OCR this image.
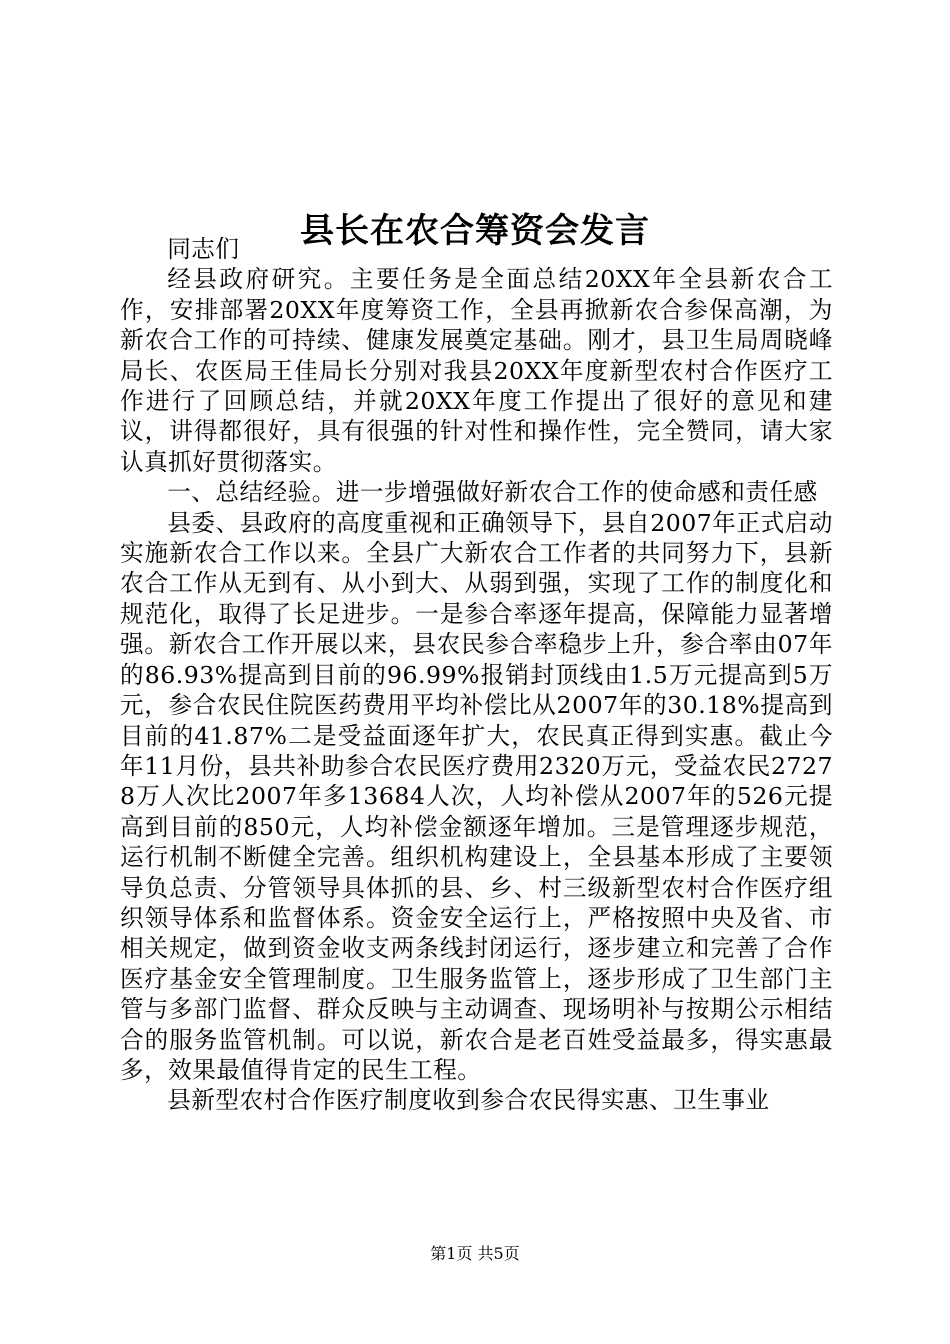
县长在农合筹资会发言

同志们

经县政府研究。主要任务是全面总结20XX年全县新农合工作，安排部署20XX年度筹资工作，全县再掀新农合参保高潮，为新农合工作的可持续、健康发展奠定基础。刚才，县卫生局周晓峰局长、农医局王佳局长分别对我县20XX年度新型农村合作医疗工作进行了回顾总结，并就20XX年度工作提出了很好的意见和建议，讲得都很好，具有很强的针对性和操作性，完全赞同，请大家认真抓好贯彻落实。

一、总结经验。进一步增强做好新农合工作的使命感和责任感

县委、县政府的高度重视和正确领导下，县自2007年正式启动实施新农合工作以来。全县广大新农合工作者的共同努力下，县新农合工作从无到有、从小到大、从弱到强，实现了工作的制度化和规范化，取得了长足进步。一是参合率逐年提高，保障能力显著增强。新农合工作开展以来，县农民参合率稳步上升，参合率由07年的86.93%提高到目前的96.99%报销封顶线由1.5万元提高到5万元，参合农民住院医药费用平均补偿比从2007年的30.18%提高到目前的41.87%二是受益面逐年扩大，农民真正得到实惠。截止今年11月份，县共补助参合农民医疗费用2320万元，受益农民27278万人次比2007年多13684人次，人均补偿从2007年的526元提高到目前的850元，人均补偿金额逐年增加。三是管理逐步规范，运行机制不断健全完善。组织机构建设上，全县基本形成了主要领导负总责、分管领导具体抓的县、乡、村三级新型农村合作医疗组织领导体系和监督体系。资金安全运行上，严格按照中央及省、市相关规定，做到资金收支两条线封闭运行，逐步建立和完善了合作医疗基金安全管理制度。卫生服务监管上，逐步形成了卫生部门主管与多部门监督、群众反映与主动调查、现场明补与按期公示相结合的服务监管机制。可以说，新农合是老百姓受益最多，得实惠最多，效果最值得肯定的民生工程。

县新型农村合作医疗制度收到参合农民得实惠、卫生事业

第1页 共5页
